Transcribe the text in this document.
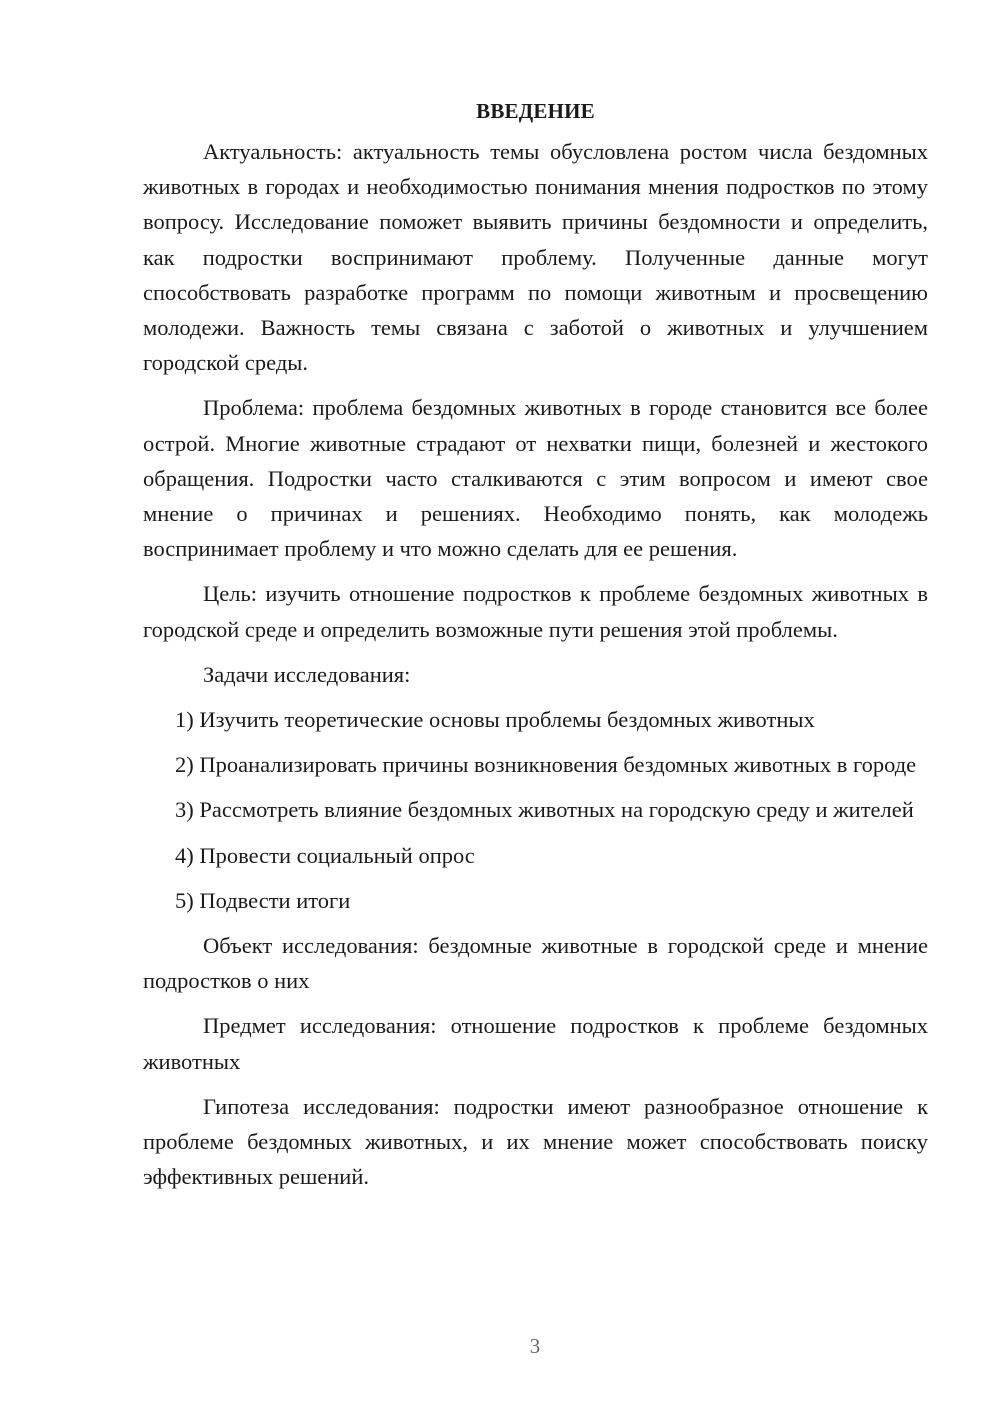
ВВЕДЕНИЕ

Актуальность: актуальность темы обусловлена ростом числа бездомных животных в городах и необходимостью понимания мнения подростков по этому вопросу. Исследование поможет выявить причины бездомности и определить, как подростки воспринимают проблему. Полученные данные могут способствовать разработке программ по помощи животным и просвещению молодежи. Важность темы связана с заботой о животных и улучшением городской среды.

Проблема: проблема бездомных животных в городе становится все более острой. Многие животные страдают от нехватки пищи, болезней и жестокого обращения. Подростки часто сталкиваются с этим вопросом и имеют свое мнение о причинах и решениях. Необходимо понять, как молодежь воспринимает проблему и что можно сделать для ее решения.

Цель: изучить отношение подростков к проблеме бездомных животных в городской среде и определить возможные пути решения этой проблемы.

Задачи исследования:

1) Изучить теоретические основы проблемы бездомных животных

2) Проанализировать причины возникновения бездомных животных в городе

3) Рассмотреть влияние бездомных животных на городскую среду и жителей

4) Провести социальный опрос

5) Подвести итоги

Объект исследования: бездомные животные в городской среде и мнение подростков о них

Предмет исследования: отношение подростков к проблеме бездомных животных

Гипотеза исследования: подростки имеют разнообразное отношение к проблеме бездомных животных, и их мнение может способствовать поиску эффективных решений.

3
